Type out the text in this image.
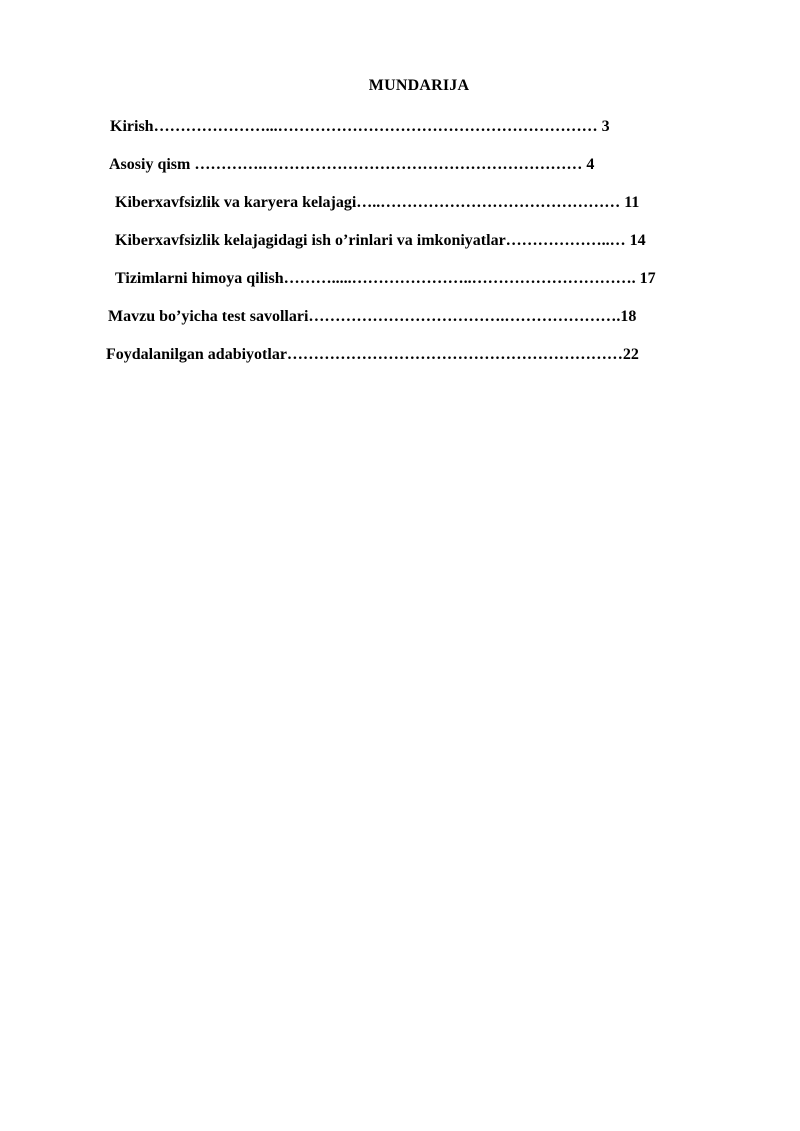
MUNDARIJA
Kirish…………………...…………………………………………………… 3
Asosiy qism ………….…………………………………………………… 4
Kiberxavfsizlik va karyera kelajagi…..……………………………………… 11
Kiberxavfsizlik kelajagidagi ish o’rinlari va imkoniyatlar………………..… 14
Tizimlarni himoya qilish……….....…………………..…………………………. 17
Mavzu bo’yicha test savollari……………………………….………………….18
Foydalanilgan adabiyotlar………………………………………………………22
